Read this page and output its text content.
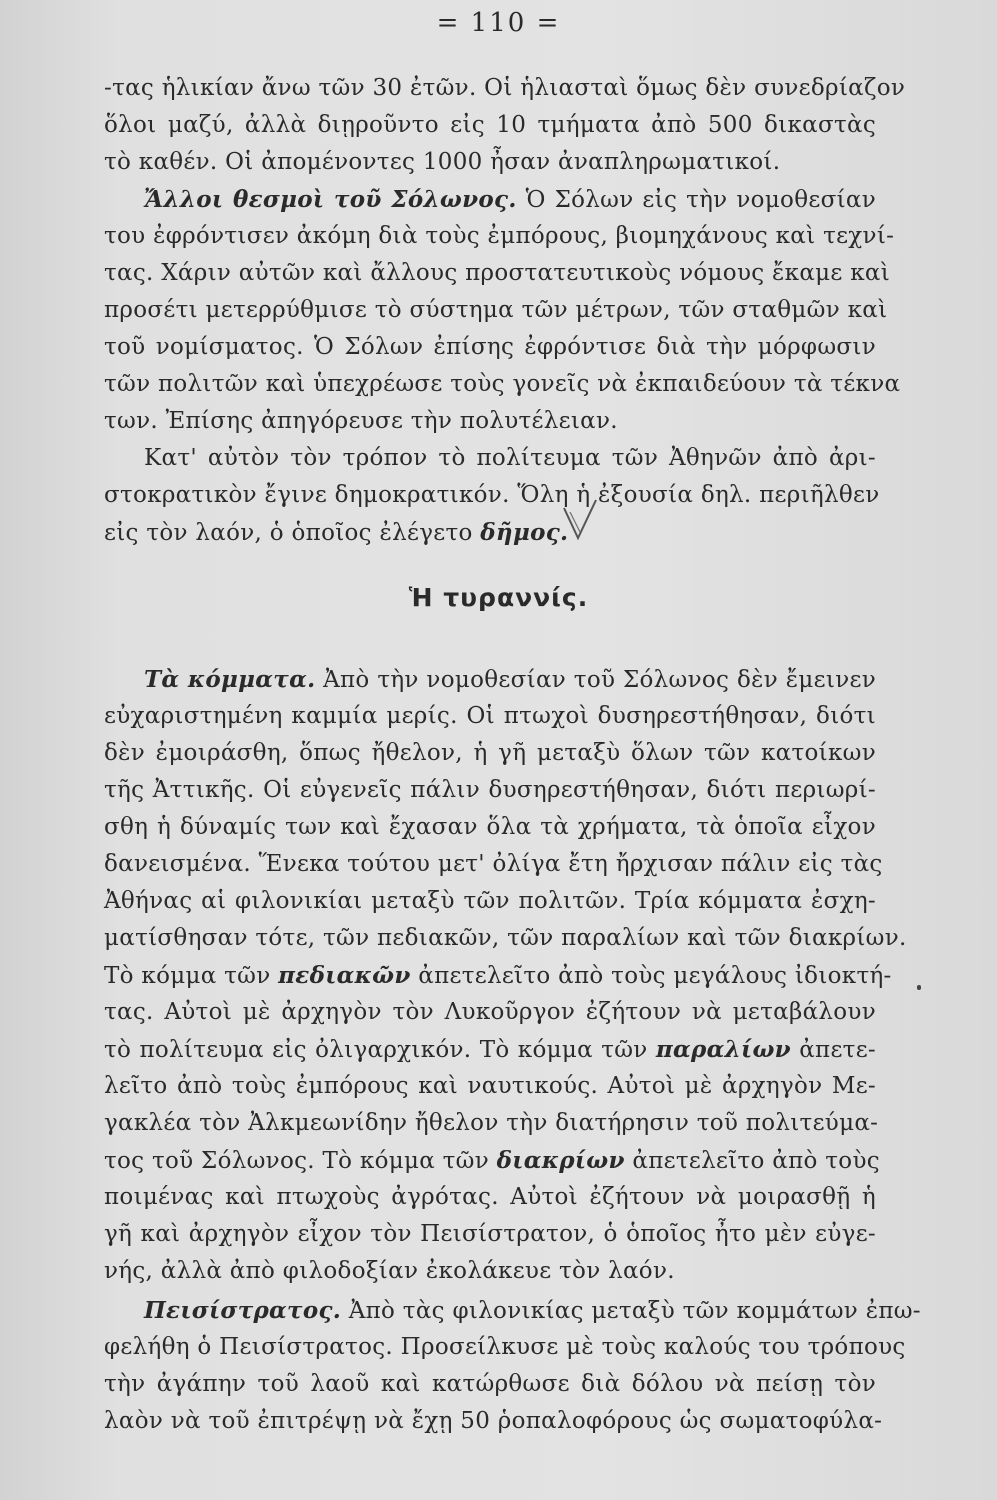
= 110 =
-τας ἡλικίαν ἄνω τῶν 30 ἐτῶν. Οἱ ἡλιασταὶ ὅμως δὲν συνεδρίαζον
ὅλοι μαζύ, ἀλλὰ διῃροῦντο εἰς 10 τμήματα ἀπὸ 500 δικαστὰς
τὸ καθέν. Οἱ ἀπομένοντες 1000 ἦσαν ἀναπληρωματικοί.
Ἄλλοι θεσμοὶ τοῦ Σόλωνος. Ὁ Σόλων εἰς τὴν νομοθεσίαν
του ἐφρόντισεν ἀκόμη διὰ τοὺς ἐμπόρους, βιομηχάνους καὶ τεχνί-
τας. Χάριν αὐτῶν καὶ ἄλλους προστατευτικοὺς νόμους ἔκαμε καὶ
προσέτι μετερρύθμισε τὸ σύστημα τῶν μέτρων, τῶν σταθμῶν καὶ
τοῦ νομίσματος. Ὁ Σόλων ἐπίσης ἐφρόντισε διὰ τὴν μόρφωσιν
τῶν πολιτῶν καὶ ὑπεχρέωσε τοὺς γονεῖς νὰ ἐκπαιδεύουν τὰ τέκνα
των. Ἐπίσης ἀπηγόρευσε τὴν πολυτέλειαν.
Κατ' αὐτὸν τὸν τρόπον τὸ πολίτευμα τῶν Ἀθηνῶν ἀπὸ ἀρι-
στοκρατικὸν ἔγινε δημοκρατικόν. Ὅλη ἡ ἐξουσία δηλ. περιῆλθεν
εἰς τὸν λαόν, ὁ ὁποῖος ἐλέγετο δῆμος.
Ἡ τυραννίς.
Τὰ κόμματα. Ἀπὸ τὴν νομοθεσίαν τοῦ Σόλωνος δὲν ἔμεινεν
εὐχαριστημένη καμμία μερίς. Οἱ πτωχοὶ δυσηρεστήθησαν, διότι
δὲν ἐμοιράσθη, ὅπως ἤθελον, ἡ γῆ μεταξὺ ὅλων τῶν κατοίκων
τῆς Ἀττικῆς. Οἱ εὐγενεῖς πάλιν δυσηρεστήθησαν, διότι περιωρί-
σθη ἡ δύναμίς των καὶ ἔχασαν ὅλα τὰ χρήματα, τὰ ὁποῖα εἶχον
δανεισμένα. Ἕνεκα τούτου μετ' ὀλίγα ἔτη ἤρχισαν πάλιν εἰς τὰς
Ἀθήνας αἱ φιλονικίαι μεταξὺ τῶν πολιτῶν. Τρία κόμματα ἐσχη-
ματίσθησαν τότε, τῶν πεδιακῶν, τῶν παραλίων καὶ τῶν διακρίων.
Τὸ κόμμα τῶν πεδιακῶν ἀπετελεῖτο ἀπὸ τοὺς μεγάλους ἰδιοκτή-
τας. Αὐτοὶ μὲ ἀρχηγὸν τὸν Λυκοῦργον ἐζήτουν νὰ μεταβάλουν
τὸ πολίτευμα εἰς ὀλιγαρχικόν. Τὸ κόμμα τῶν παραλίων ἀπετε-
λεῖτο ἀπὸ τοὺς ἐμπόρους καὶ ναυτικούς. Αὐτοὶ μὲ ἀρχηγὸν Με-
γακλέα τὸν Ἀλκμεωνίδην ἤθελον τὴν διατήρησιν τοῦ πολιτεύμα-
τος τοῦ Σόλωνος. Τὸ κόμμα τῶν διακρίων ἀπετελεῖτο ἀπὸ τοὺς
ποιμένας καὶ πτωχοὺς ἀγρότας. Αὐτοὶ ἐζήτουν νὰ μοιρασθῇ ἡ
γῆ καὶ ἀρχηγὸν εἶχον τὸν Πεισίστρατον, ὁ ὁποῖος ἦτο μὲν εὐγε-
νής, ἀλλὰ ἀπὸ φιλοδοξίαν ἐκολάκευε τὸν λαόν.
Πεισίστρατος. Ἀπὸ τὰς φιλονικίας μεταξὺ τῶν κομμάτων ἐπω-
φελήθη ὁ Πεισίστρατος. Προσείλκυσε μὲ τοὺς καλούς του τρόπους
τὴν ἀγάπην τοῦ λαοῦ καὶ κατώρθωσε διὰ δόλου νὰ πείσῃ τὸν
λαὸν νὰ τοῦ ἐπιτρέψῃ νὰ ἔχῃ 50 ῥοπαλοφόρους ὡς σωματοφύλα-
